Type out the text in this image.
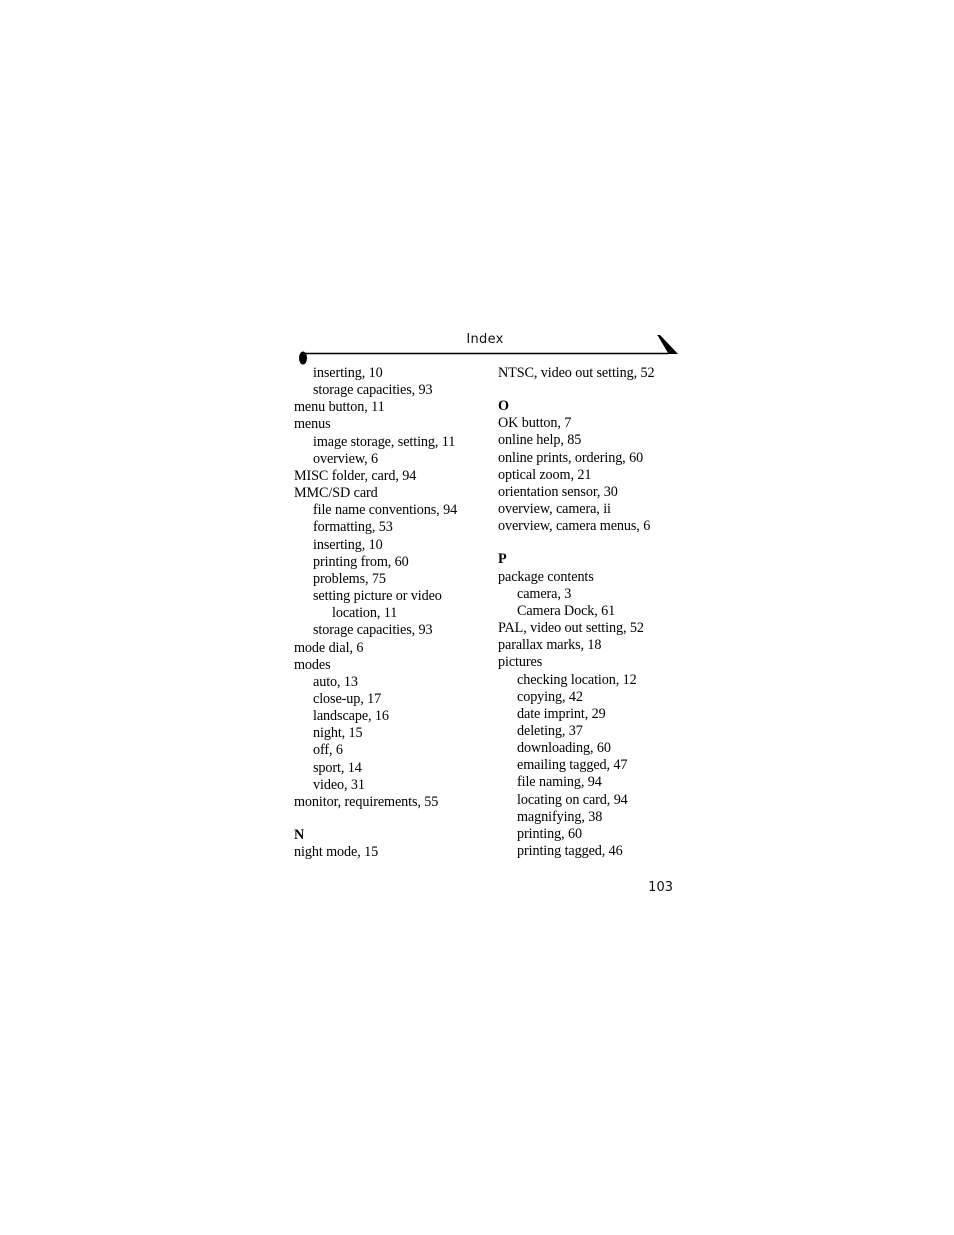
Index
inserting, 10
storage capacities, 93
menu button, 11
menus
image storage, setting, 11
overview, 6
MISC folder, card, 94
MMC/SD card
file name conventions, 94
formatting, 53
inserting, 10
printing from, 60
problems, 75
setting picture or video
location, 11
storage capacities, 93
mode dial, 6
modes
auto, 13
close-up, 17
landscape, 16
night, 15
off, 6
sport, 14
video, 31
monitor, requirements, 55
N
night mode, 15
NTSC, video out setting, 52
O
OK button, 7
online help, 85
online prints, ordering, 60
optical zoom, 21
orientation sensor, 30
overview, camera, ii
overview, camera menus, 6
P
package contents
camera, 3
Camera Dock, 61
PAL, video out setting, 52
parallax marks, 18
pictures
checking location, 12
copying, 42
date imprint, 29
deleting, 37
downloading, 60
emailing tagged, 47
file naming, 94
locating on card, 94
magnifying, 38
printing, 60
printing tagged, 46
103
